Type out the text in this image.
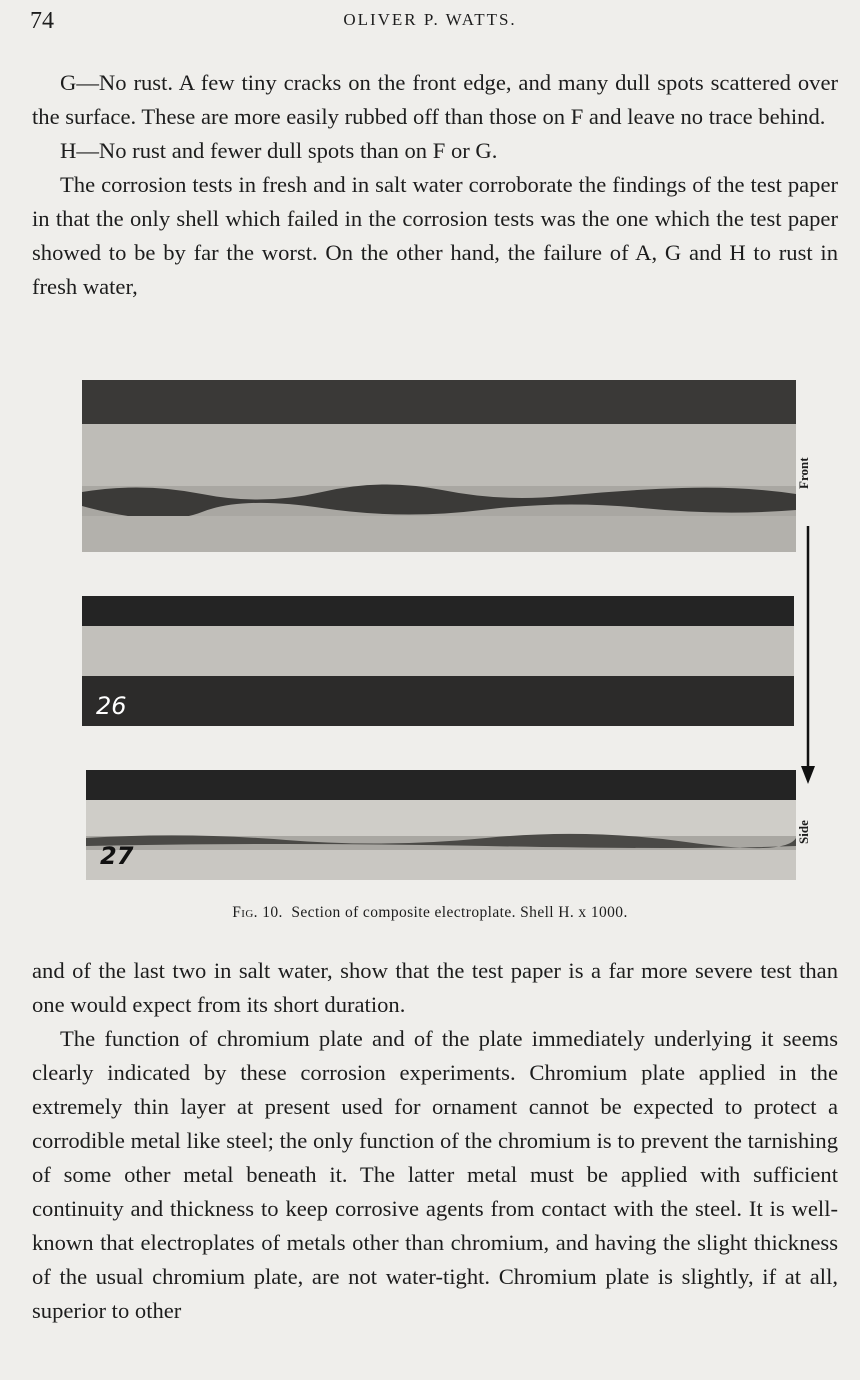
74	OLIVER P. WATTS.

G—No rust. A few tiny cracks on the front edge, and many dull spots scattered over the surface. These are more easily rubbed off than those on F and leave no trace behind.

H—No rust and fewer dull spots than on F or G.

The corrosion tests in fresh and in salt water corroborate the findings of the test paper in that the only shell which failed in the corrosion tests was the one which the test paper showed to be by far the worst. On the other hand, the failure of A, G and H to rust in fresh water,

26
27
Front
Side
Fig. 10. Section of composite electroplate. Shell H. x 1000.

and of the last two in salt water, show that the test paper is a far more severe test than one would expect from its short duration.

The function of chromium plate and of the plate immediately underlying it seems clearly indicated by these corrosion experiments. Chromium plate applied in the extremely thin layer at present used for ornament cannot be expected to protect a corrodible metal like steel; the only function of the chromium is to prevent the tarnishing of some other metal beneath it. The latter metal must be applied with sufficient continuity and thickness to keep corrosive agents from contact with the steel. It is well-known that electroplates of metals other than chromium, and having the slight thickness of the usual chromium plate, are not water-tight. Chromium plate is slightly, if at all, superior to other
